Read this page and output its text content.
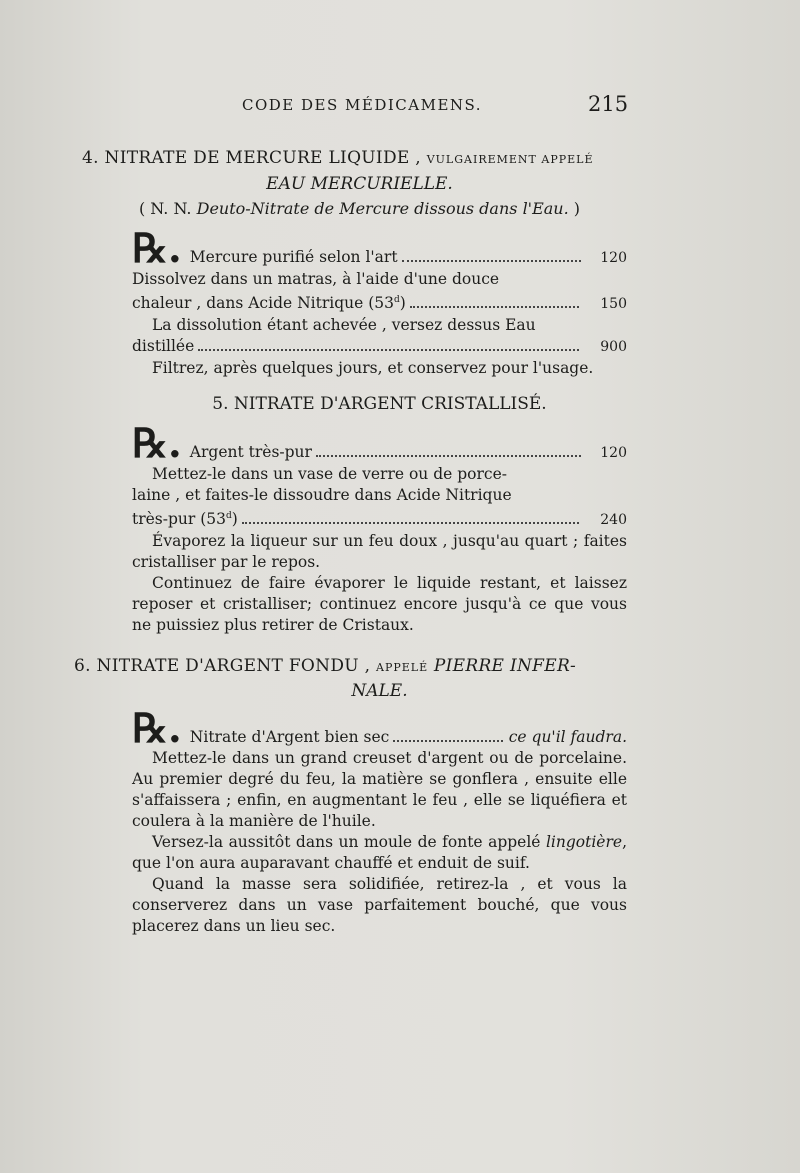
CODE DES MÉDICAMENS.	215
4. NITRATE DE MERCURE LIQUIDE , VULGAIREMENT APPELÉ
EAU MERCURIELLE.
( N. N. Deuto-Nitrate de Mercure dissous dans l'Eau. )
℞. Mercure purifié selon l'art	120
Dissolvez dans un matras, à l'aide d'une douce
chaleur , dans Acide Nitrique (53$^d$)	150
La dissolution étant achevée , versez dessus Eau
distillée	900
Filtrez, après quelques jours, et conservez pour l'usage.
5. NITRATE D'ARGENT CRISTALLISÉ.
℞. Argent très-pur	120
Mettez-le dans un vase de verre ou de porce-
laine , et faites-le dissoudre dans Acide Nitrique
très-pur (53$^d$)	240
Évaporez la liqueur sur un feu doux , jusqu'au quart ; faites cristalliser par le repos.
Continuez de faire évaporer le liquide restant, et laissez reposer et cristalliser; continuez encore jusqu'à ce que vous ne puissiez plus retirer de Cristaux.
6. NITRATE D'ARGENT FONDU , APPELÉ PIERRE INFER-
NALE.
℞. Nitrate d'Argent bien sec	ce qu'il faudra.
Mettez-le dans un grand creuset d'argent ou de porcelaine. Au premier degré du feu, la matière se gonflera , ensuite elle s'affaissera ; enfin, en augmentant le feu , elle se liquéfiera et coulera à la manière de l'huile.
Versez-la aussitôt dans un moule de fonte appelé lingotière, que l'on aura auparavant chauffé et enduit de suif.
Quand la masse sera solidifiée, retirez-la , et vous la conserverez dans un vase parfaitement bouché, que vous placerez dans un lieu sec.
